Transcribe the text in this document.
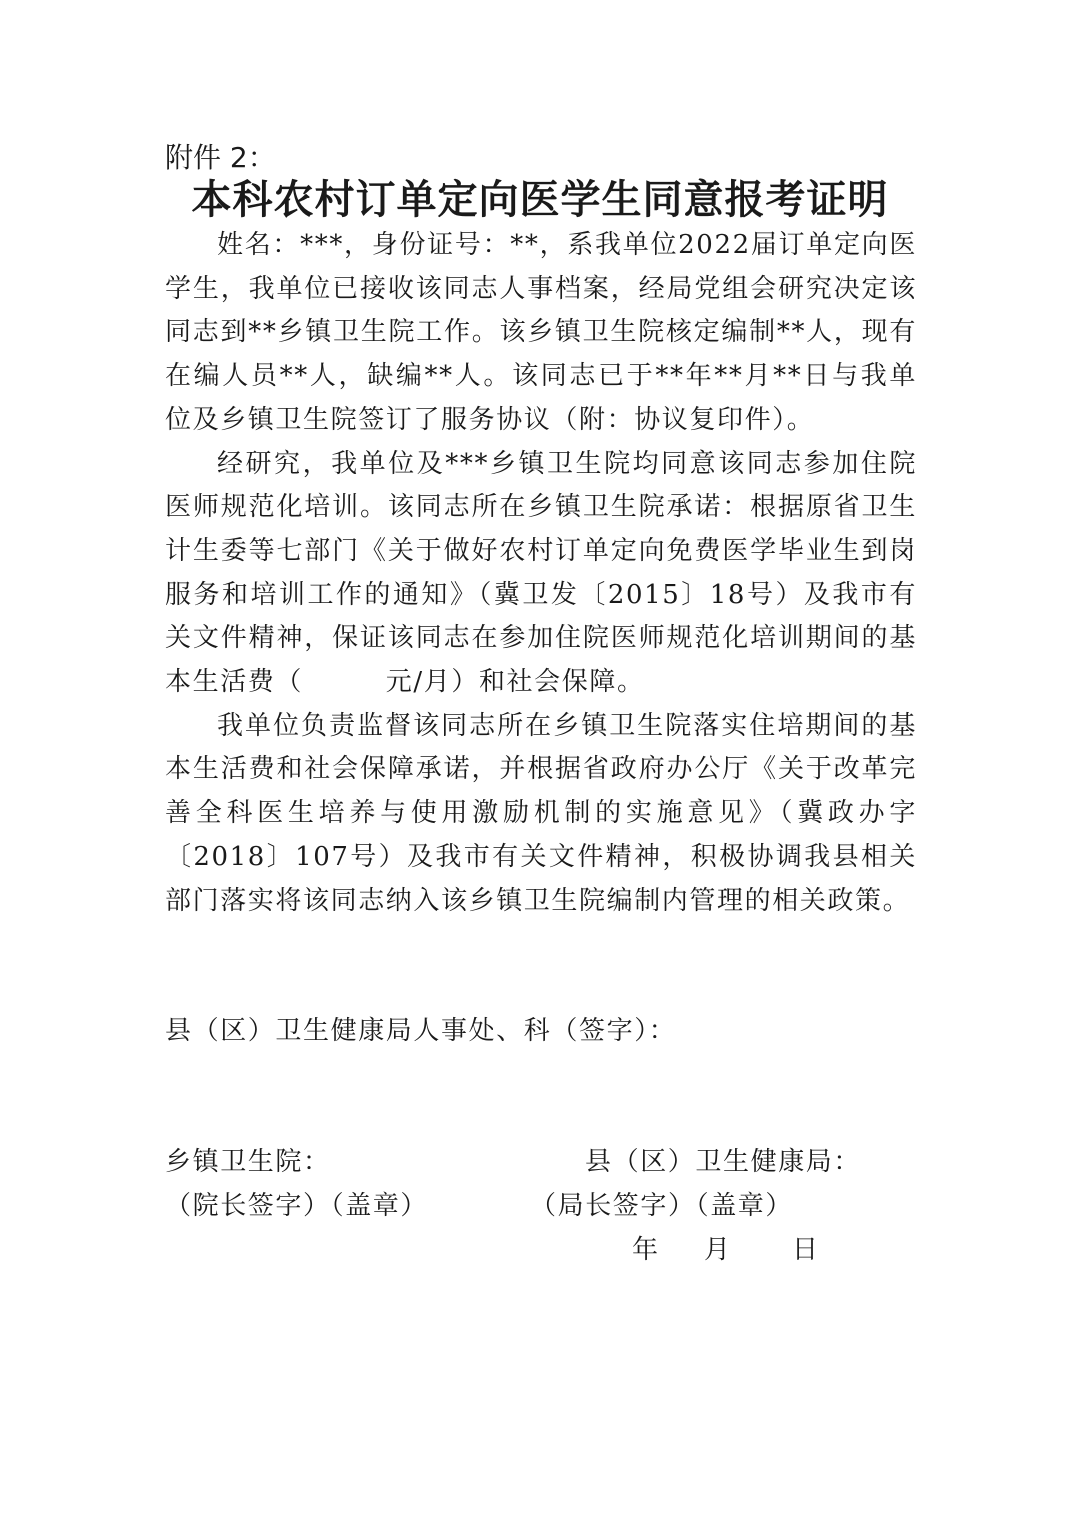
附件 2：
本科农村订单定向医学生同意报考证明

姓名：***，身份证号：**，系我单位2022届订单定向医学生，我单位已接收该同志人事档案，经局党组会研究决定该同志到**乡镇卫生院工作。该乡镇卫生院核定编制**人，现有在编人员**人，缺编**人。该同志已于**年**月**日与我单位及乡镇卫生院签订了服务协议（附：协议复印件）。

经研究，我单位及***乡镇卫生院均同意该同志参加住院医师规范化培训。该同志所在乡镇卫生院承诺：根据原省卫生计生委等七部门《关于做好农村订单定向免费医学毕业生到岗服务和培训工作的通知》（冀卫发〔2015〕18号）及我市有关文件精神，保证该同志在参加住院医师规范化培训期间的基本生活费（　　　元/月）和社会保障。

我单位负责监督该同志所在乡镇卫生院落实住培期间的基本生活费和社会保障承诺，并根据省政府办公厅《关于改革完善全科医生培养与使用激励机制的实施意见》（冀政办字〔2018〕107号）及我市有关文件精神，积极协调我县相关部门落实将该同志纳入该乡镇卫生院编制内管理的相关政策。

县（区）卫生健康局人事处、科（签字）：
乡镇卫生院：
（院长签字）（盖章）
县（区）卫生健康局：
（局长签字）（盖章）
年 月 日
